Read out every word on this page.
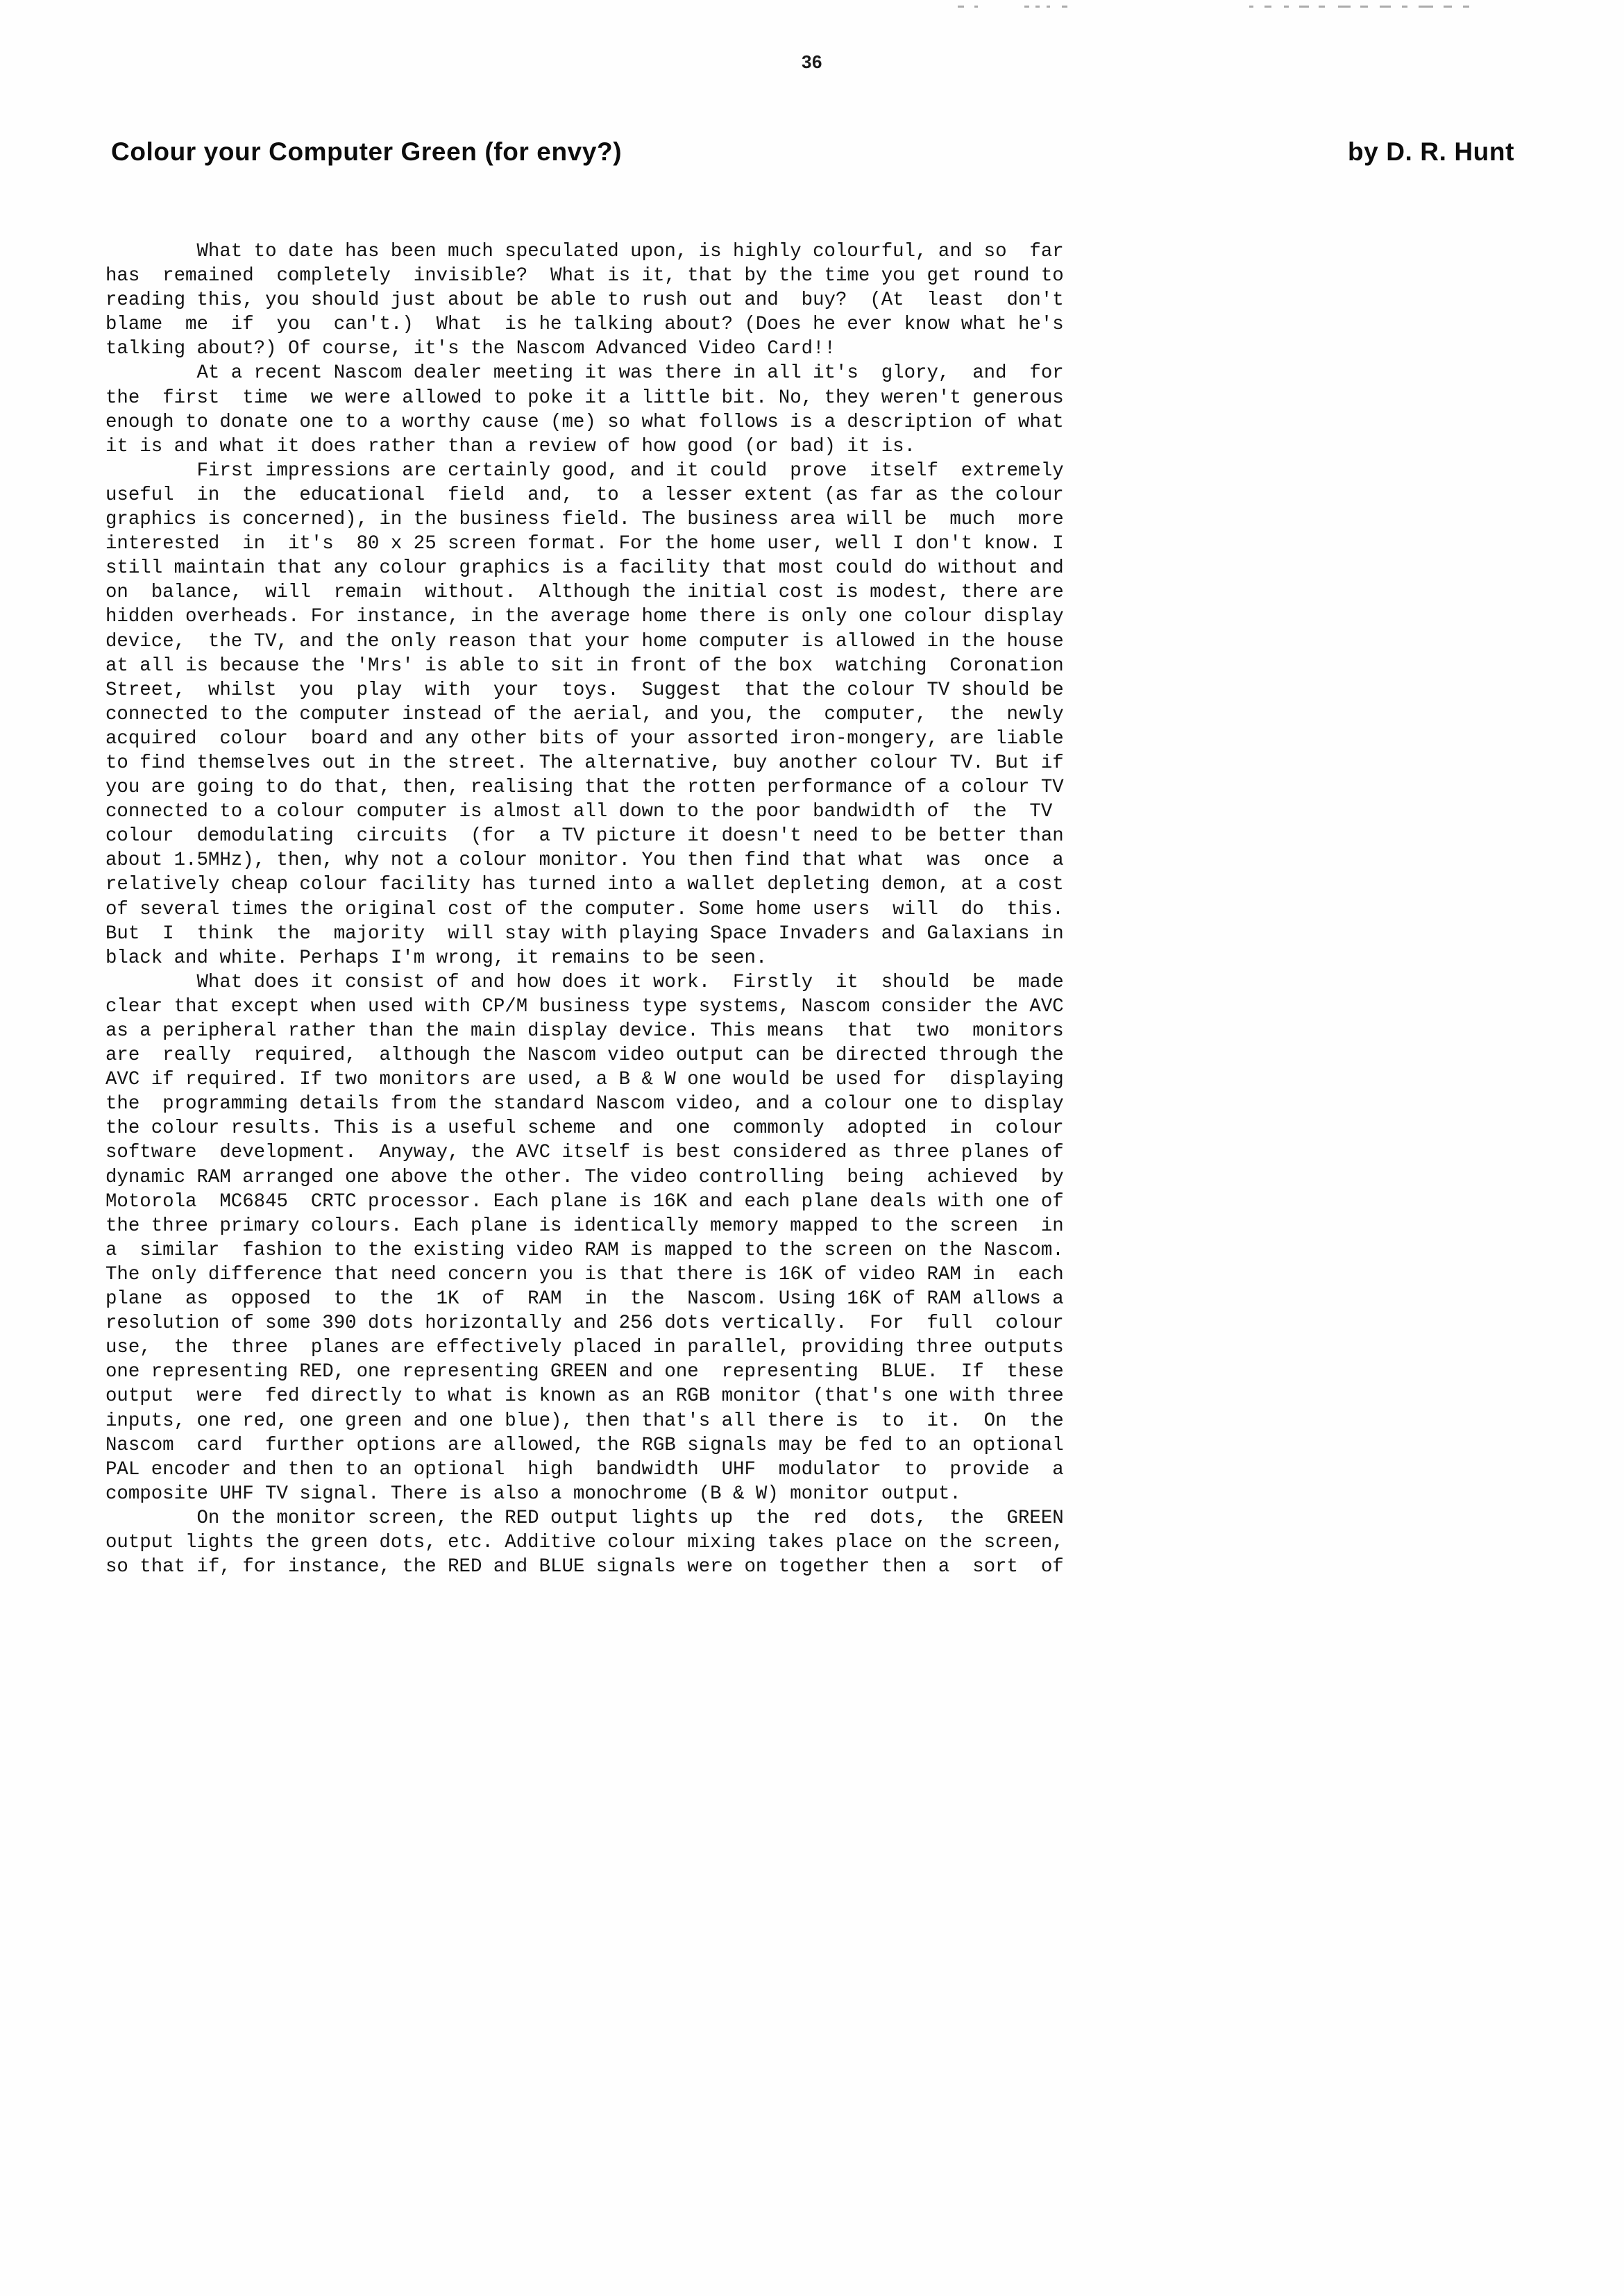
36
Colour your Computer Green (for envy?)	by D. R. Hunt
What to date has been much speculated upon, is highly colourful, and so  far
has  remained  completely  invisible?  What is it, that by the time you get round to
reading this, you should just about be able to rush out and  buy?  (At  least  don't
blame  me  if  you  can't.)  What  is he talking about? (Does he ever know what he's
talking about?) Of course, it's the Nascom Advanced Video Card!!
At a recent Nascom dealer meeting it was there in all it's  glory,  and  for
the  first  time  we were allowed to poke it a little bit. No, they weren't generous
enough to donate one to a worthy cause (me) so what follows is a description of what
it is and what it does rather than a review of how good (or bad) it is.
First impressions are certainly good, and it could  prove  itself  extremely
useful  in  the  educational  field  and,  to  a lesser extent (as far as the colour
graphics is concerned), in the business field. The business area will be  much  more
interested  in  it's  80 x 25 screen format. For the home user, well I don't know. I
still maintain that any colour graphics is a facility that most could do without and
on  balance,  will  remain  without.  Although the initial cost is modest, there are
hidden overheads. For instance, in the average home there is only one colour display
device,  the TV, and the only reason that your home computer is allowed in the house
at all is because the 'Mrs' is able to sit in front of the box  watching  Coronation
Street,  whilst  you  play  with  your  toys.  Suggest  that the colour TV should be
connected to the computer instead of the aerial, and you, the  computer,  the  newly
acquired  colour  board and any other bits of your assorted iron-mongery, are liable
to find themselves out in the street. The alternative, buy another colour TV. But if
you are going to do that, then, realising that the rotten performance of a colour TV
connected to a colour computer is almost all down to the poor bandwidth of  the  TV
colour  demodulating  circuits  (for  a TV picture it doesn't need to be better than
about 1.5MHz), then, why not a colour monitor. You then find that what  was  once  a
relatively cheap colour facility has turned into a wallet depleting demon, at a cost
of several times the original cost of the computer. Some home users  will  do  this.
But  I  think  the  majority  will stay with playing Space Invaders and Galaxians in
black and white. Perhaps I'm wrong, it remains to be seen.
What does it consist of and how does it work.  Firstly  it  should  be  made
clear that except when used with CP/M business type systems, Nascom consider the AVC
as a peripheral rather than the main display device. This means  that  two  monitors
are  really  required,  although the Nascom video output can be directed through the
AVC if required. If two monitors are used, a B & W one would be used for  displaying
the  programming details from the standard Nascom video, and a colour one to display
the colour results. This is a useful scheme  and  one  commonly  adopted  in  colour
software  development.  Anyway, the AVC itself is best considered as three planes of
dynamic RAM arranged one above the other. The video controlling  being  achieved  by
Motorola  MC6845  CRTC processor. Each plane is 16K and each plane deals with one of
the three primary colours. Each plane is identically memory mapped to the screen  in
a  similar  fashion to the existing video RAM is mapped to the screen on the Nascom.
The only difference that need concern you is that there is 16K of video RAM in  each
plane  as  opposed  to  the  1K  of  RAM  in  the  Nascom. Using 16K of RAM allows a
resolution of some 390 dots horizontally and 256 dots vertically.  For  full  colour
use,  the  three  planes are effectively placed in parallel, providing three outputs
one representing RED, one representing GREEN and one  representing  BLUE.  If  these
output  were  fed directly to what is known as an RGB monitor (that's one with three
inputs, one red, one green and one blue), then that's all there is  to  it.  On  the
Nascom  card  further options are allowed, the RGB signals may be fed to an optional
PAL encoder and then to an optional  high  bandwidth  UHF  modulator  to  provide  a
composite UHF TV signal. There is also a monochrome (B & W) monitor output.
On the monitor screen, the RED output lights up  the  red  dots,  the  GREEN
output lights the green dots, etc. Additive colour mixing takes place on the screen,
so that if, for instance, the RED and BLUE signals were on together then a  sort  of
